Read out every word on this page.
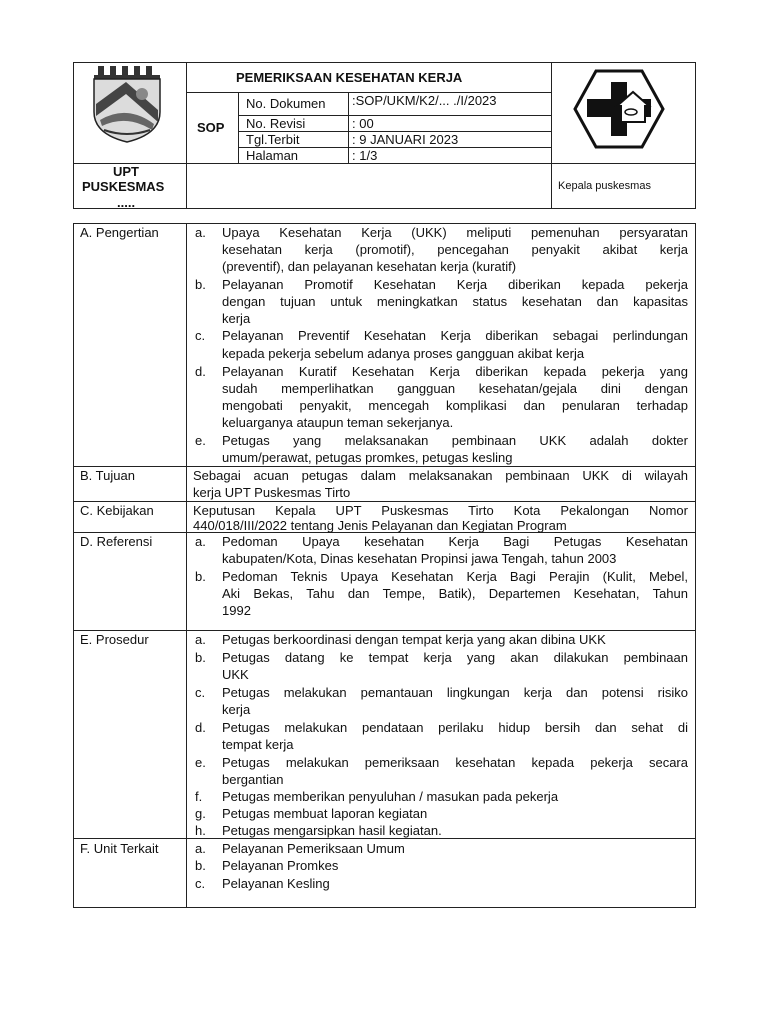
PEMERIKSAAN KESEHATAN KERJA
SOP
No. Dokumen :SOP/UKM/K2/... ./I/2023
No. Revisi	: 00
Tgl.Terbit	: 9 JANUARI 2023
Halaman	: 1/3
UPT
PUSKESMAS
.....
Kepala puskesmas
A. Pengertian	a. Upaya Kesehatan Kerja (UKK) meliputi pemenuhan persyaratan
kesehatan kerja (promotif), pencegahan penyakit akibat kerja
(preventif), dan pelayanan kesehatan kerja (kuratif)
b. Pelayanan Promotif Kesehatan Kerja diberikan kepada pekerja
dengan tujuan untuk meningkatkan status kesehatan dan kapasitas
kerja
c. Pelayanan Preventif Kesehatan Kerja diberikan sebagai perlindungan
kepada pekerja sebelum adanya proses gangguan akibat kerja
d. Pelayanan Kuratif Kesehatan Kerja diberikan kepada pekerja yang
sudah memperlihatkan gangguan kesehatan/gejala dini dengan
mengobati penyakit, mencegah komplikasi dan penularan terhadap
keluarganya ataupun teman sekerjanya.
e. Petugas yang melaksanakan pembinaan UKK adalah dokter
umum/perawat, petugas promkes, petugas kesling
B. Tujuan	Sebagai acuan petugas dalam melaksanakan pembinaan UKK di wilayah
kerja UPT Puskesmas Tirto
C. Kebijakan	Keputusan Kepala UPT Puskesmas Tirto Kota Pekalongan Nomor
440/018/III/2022 tentang Jenis Pelayanan dan Kegiatan Program
D. Referensi	a. Pedoman Upaya kesehatan Kerja Bagi Petugas Kesehatan
kabupaten/Kota, Dinas kesehatan Propinsi jawa Tengah, tahun 2003
b. Pedoman Teknis Upaya Kesehatan Kerja Bagi Perajin (Kulit, Mebel,
Aki Bekas, Tahu dan Tempe, Batik), Departemen Kesehatan, Tahun
1992
E. Prosedur	a. Petugas berkoordinasi dengan tempat kerja yang akan dibina UKK
b. Petugas datang ke tempat kerja yang akan dilakukan pembinaan
UKK
c. Petugas melakukan pemantauan lingkungan kerja dan potensi risiko
kerja
d. Petugas melakukan pendataan perilaku hidup bersih dan sehat di
tempat kerja
e. Petugas melakukan pemeriksaan kesehatan kepada pekerja secara
bergantian
f. Petugas memberikan penyuluhan / masukan pada pekerja
g. Petugas membuat laporan kegiatan
h. Petugas mengarsipkan hasil kegiatan.
F. Unit Terkait	a. Pelayanan Pemeriksaan Umum
b. Pelayanan Promkes
c. Pelayanan Kesling
